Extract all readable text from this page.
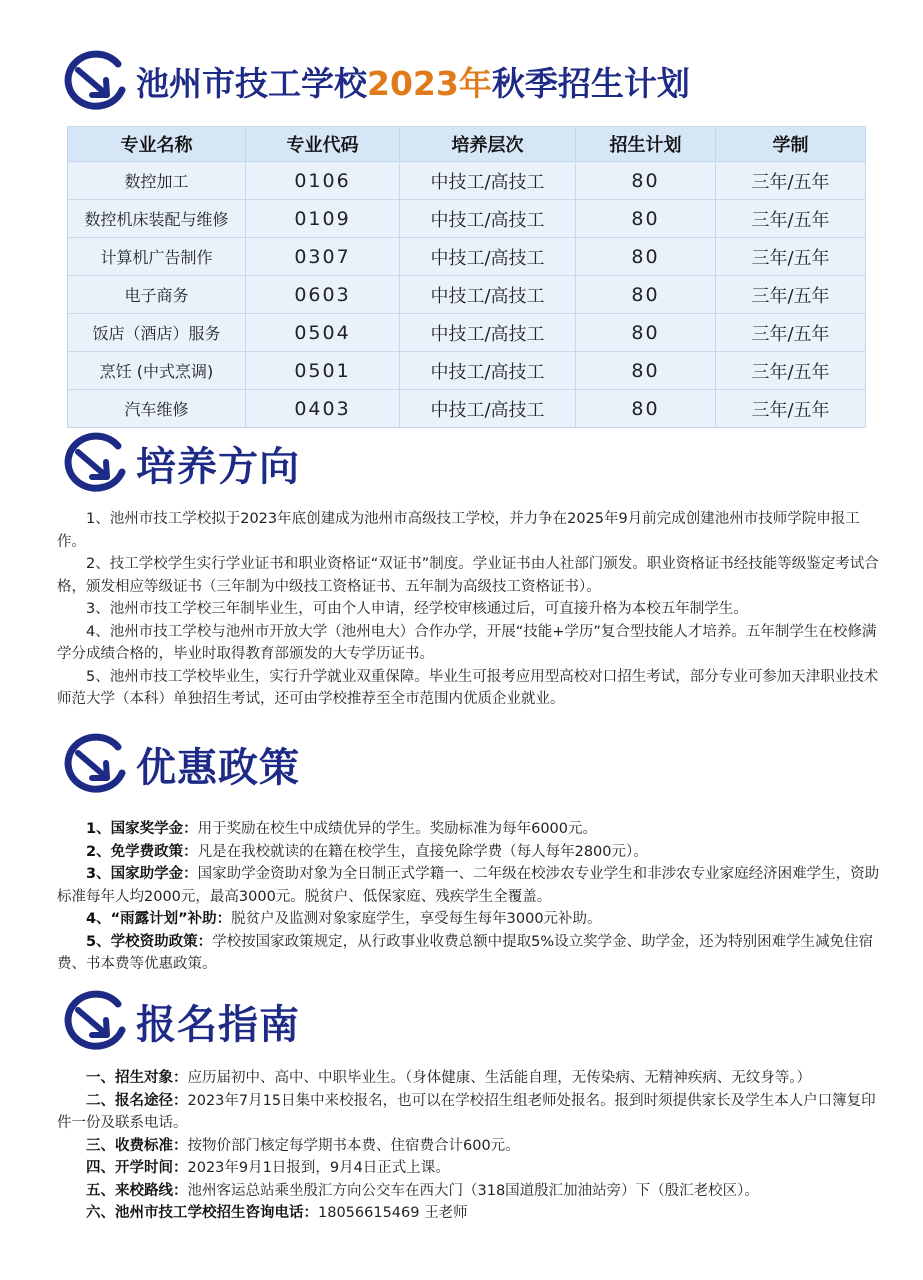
池州市技工学校2023年秋季招生计划
专业名称	专业代码	培养层次	招生计划	学制
数控加工	0106	中技工/高技工	80	三年/五年
数控机床装配与维修	0109	中技工/高技工	80	三年/五年
计算机广告制作	0307	中技工/高技工	80	三年/五年
电子商务	0603	中技工/高技工	80	三年/五年
饭店（酒店）服务	0504	中技工/高技工	80	三年/五年
烹饪 (中式烹调)	0501	中技工/高技工	80	三年/五年
汽车维修	0403	中技工/高技工	80	三年/五年
培养方向

1、池州市技工学校拟于2023年底创建成为池州市高级技工学校，并力争在2025年9月前完成创建池州市技师学院申报工作。

2、技工学校学生实行学业证书和职业资格证“双证书”制度。学业证书由人社部门颁发。职业资格证书经技能等级鉴定考试合格，颁发相应等级证书（三年制为中级技工资格证书、五年制为高级技工资格证书）。

3、池州市技工学校三年制毕业生，可由个人申请，经学校审核通过后，可直接升格为本校五年制学生。

4、池州市技工学校与池州市开放大学（池州电大）合作办学，开展“技能+学历”复合型技能人才培养。五年制学生在校修满学分成绩合格的，毕业时取得教育部颁发的大专学历证书。

5、池州市技工学校毕业生，实行升学就业双重保障。毕业生可报考应用型高校对口招生考试，部分专业可参加天津职业技术师范大学（本科）单独招生考试，还可由学校推荐至全市范围内优质企业就业。

优惠政策

1、国家奖学金：用于奖励在校生中成绩优异的学生。奖励标准为每年6000元。

2、免学费政策：凡是在我校就读的在籍在校学生，直接免除学费（每人每年2800元）。

3、国家助学金：国家助学金资助对象为全日制正式学籍一、二年级在校涉农专业学生和非涉农专业家庭经济困难学生，资助标准每年人均2000元，最高3000元。脱贫户、低保家庭、残疾学生全覆盖。

4、“雨露计划”补助：脱贫户及监测对象家庭学生，享受每生每年3000元补助。

5、学校资助政策：学校按国家政策规定，从行政事业收费总额中提取5%设立奖学金、助学金，还为特别困难学生减免住宿费、书本费等优惠政策。

报名指南

一、招生对象：应历届初中、高中、中职毕业生。（身体健康、生活能自理，无传染病、无精神疾病、无纹身等。）

二、报名途径：2023年7月15日集中来校报名，也可以在学校招生组老师处报名。报到时须提供家长及学生本人户口簿复印件一份及联系电话。

三、收费标准：按物价部门核定每学期书本费、住宿费合计600元。

四、开学时间：2023年9月1日报到，9月4日正式上课。

五、来校路线：池州客运总站乘坐殷汇方向公交车在西大门（318国道殷汇加油站旁）下（殷汇老校区）。

六、池州市技工学校招生咨询电话：18056615469 王老师
